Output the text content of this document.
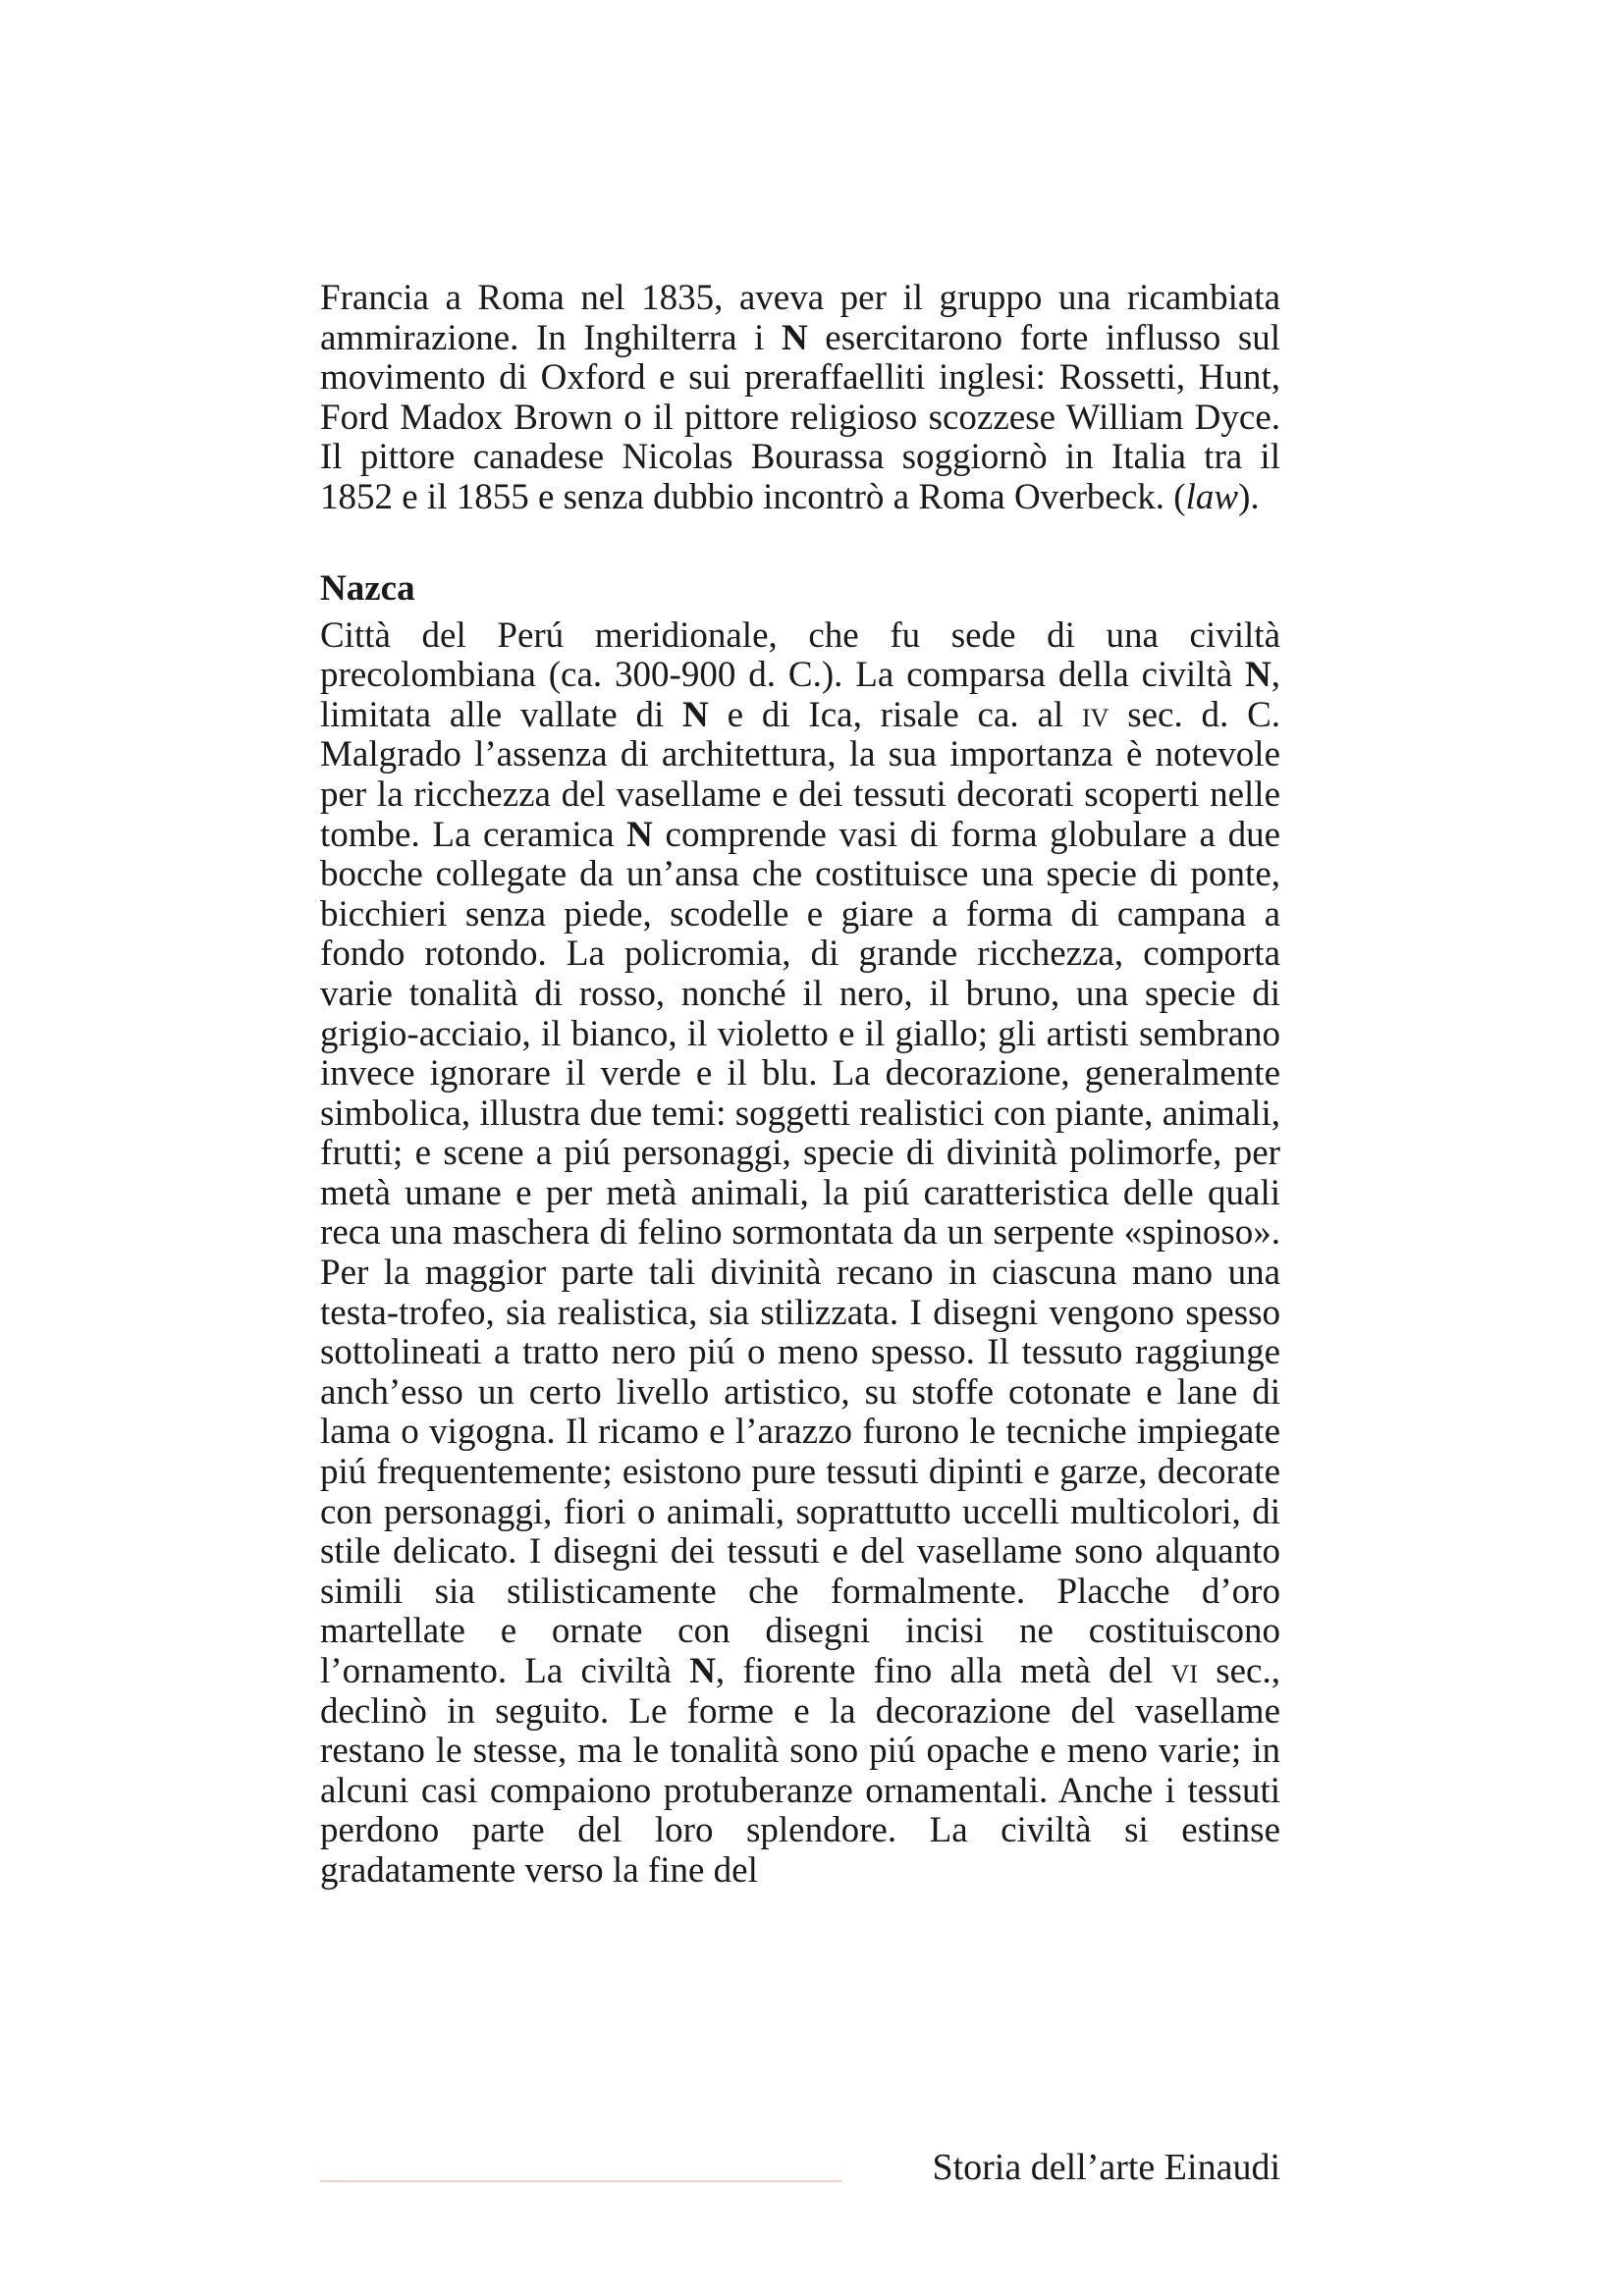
Francia a Roma nel 1835, aveva per il gruppo una ricambiata ammirazione. In Inghilterra i N esercitarono forte influsso sul movimento di Oxford e sui preraffaelliti inglesi: Rossetti, Hunt, Ford Madox Brown o il pittore religioso scozzese William Dyce. Il pittore canadese Nicolas Bourassa soggiornò in Italia tra il 1852 e il 1855 e senza dubbio incontrò a Roma Overbeck. (law).

Nazca

Città del Perú meridionale, che fu sede di una civiltà precolombiana (ca. 300-900 d. C.). La comparsa della civiltà N, limitata alle vallate di N e di Ica, risale ca. al iv sec. d. C. Malgrado l’assenza di architettura, la sua importanza è notevole per la ricchezza del vasellame e dei tessuti decorati scoperti nelle tombe. La ceramica N comprende vasi di forma globulare a due bocche collegate da un’ansa che costituisce una specie di ponte, bicchieri senza piede, scodelle e giare a forma di campana a fondo rotondo. La policromia, di grande ricchezza, comporta varie tonalità di rosso, nonché il nero, il bruno, una specie di grigio-acciaio, il bianco, il violetto e il giallo; gli artisti sembrano invece ignorare il verde e il blu. La decorazione, generalmente simbolica, illustra due temi: soggetti realistici con piante, animali, frutti; e scene a piú personaggi, specie di divinità polimorfe, per metà umane e per metà animali, la piú caratteristica delle quali reca una maschera di felino sormontata da un serpente «spinoso». Per la maggior parte tali divinità recano in ciascuna mano una testa-trofeo, sia realistica, sia stilizzata. I disegni vengono spesso sottolineati a tratto nero piú o meno spesso. Il tessuto raggiunge anch’esso un certo livello artistico, su stoffe cotonate e lane di lama o vigogna. Il ricamo e l’arazzo furono le tecniche impiegate piú frequentemente; esistono pure tessuti dipinti e garze, decorate con personaggi, fiori o animali, soprattutto uccelli multicolori, di stile delicato. I disegni dei tessuti e del vasellame sono alquanto simili sia stilisticamente che formalmente. Placche d’oro martellate e ornate con disegni incisi ne costituiscono l’ornamento. La civiltà N, fiorente fino alla metà del vi sec., declinò in seguito. Le forme e la decorazione del vasellame restano le stesse, ma le tonalità sono piú opache e meno varie; in alcuni casi compaiono protuberanze ornamentali. Anche i tessuti perdono parte del loro splendore. La civiltà si estinse gradatamente verso la fine del

Storia dell’arte Einaudi
